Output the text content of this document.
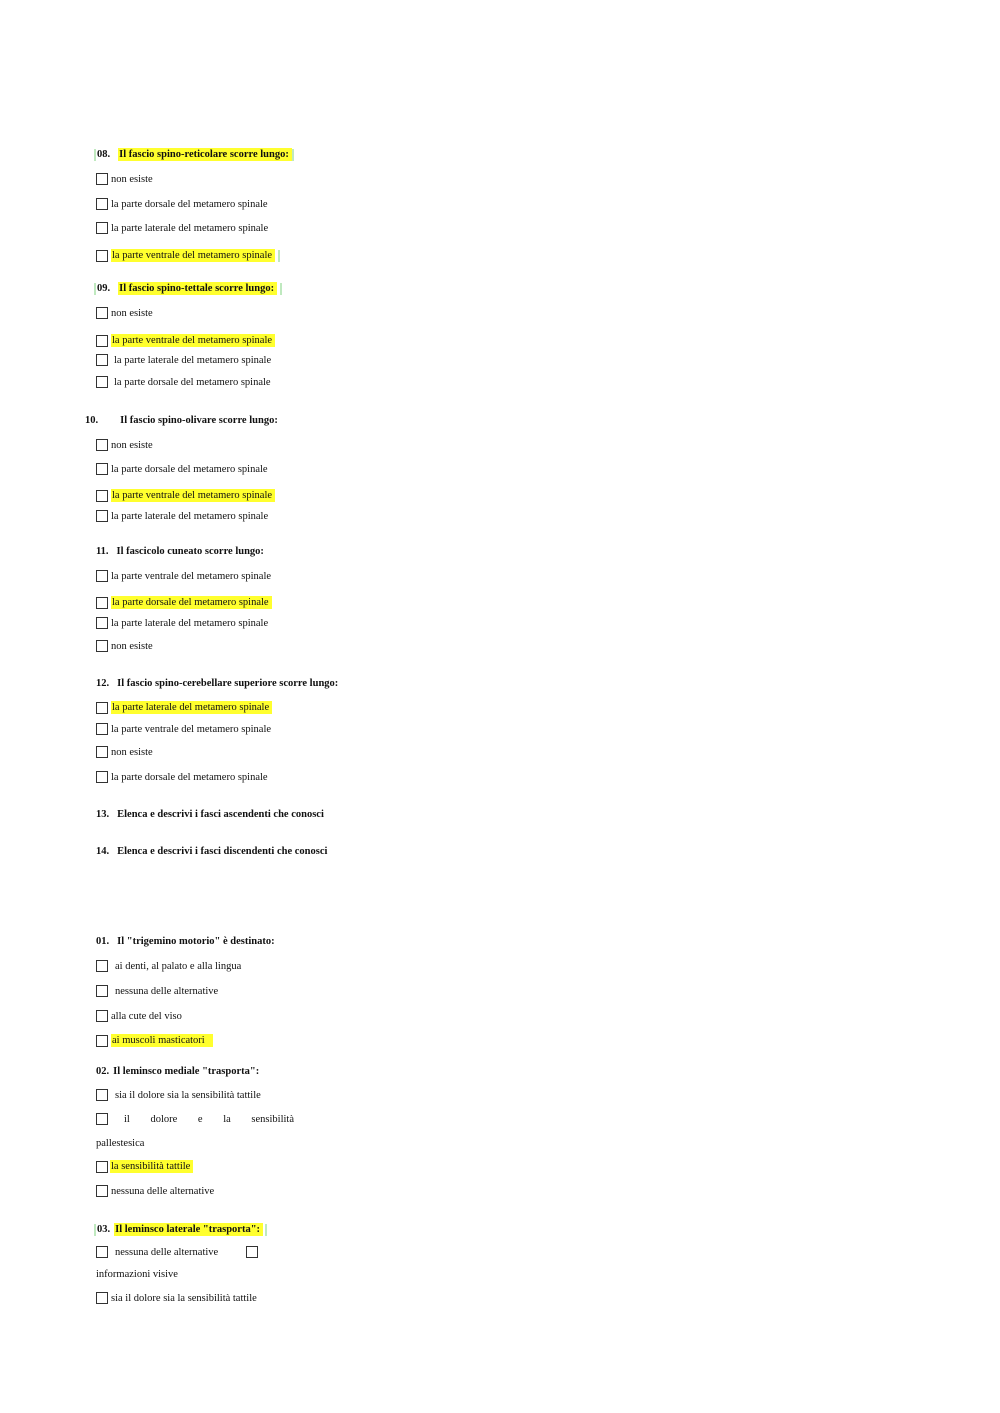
08. Il fascio spino-reticolare scorre lungo:
non esiste
la parte dorsale del metamero spinale
la parte laterale del metamero spinale
la parte ventrale del metamero spinale
09. Il fascio spino-tettale scorre lungo:
non esiste
la parte ventrale del metamero spinale
la parte laterale del metamero spinale
la parte dorsale del metamero spinale
10. Il fascio spino-olivare scorre lungo:
non esiste
la parte dorsale del metamero spinale
la parte ventrale del metamero spinale
la parte laterale del metamero spinale
11. Il fascicolo cuneato scorre lungo:
la parte ventrale del metamero spinale
la parte dorsale del metamero spinale
la parte laterale del metamero spinale
non esiste
12. Il fascio spino-cerebellare superiore scorre lungo:
la parte laterale del metamero spinale
la parte ventrale del metamero spinale
non esiste
la parte dorsale del metamero spinale
13. Elenca e descrivi i fasci ascendenti che conosci
14. Elenca e descrivi i fasci discendenti che conosci
01. Il "trigemino motorio" è destinato:
ai denti, al palato e alla lingua
nessuna delle alternative
alla cute del viso
ai muscoli masticatori
02. Il leminsco mediale "trasporta":
sia il dolore sia la sensibilità tattile
il dolore e la sensibilità
pallestesica
la sensibilità tattile
nessuna delle alternative
03. Il leminsco laterale "trasporta":
nessuna delle alternative
informazioni visive
sia il dolore sia la sensibilità tattile
